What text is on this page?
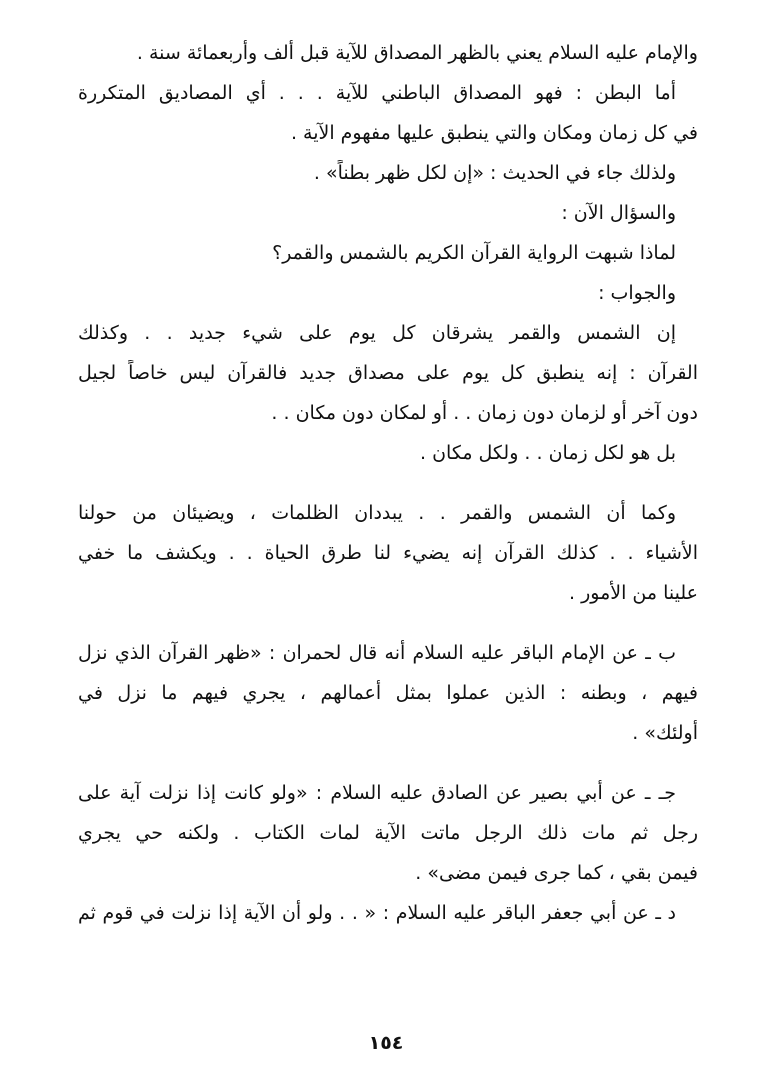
والإمام عليه السلام يعني بالظهر المصداق للآية قبل ألف وأربعمائة سنة .

أما البطن : فهو المصداق الباطني للآية . . . أي المصاديق المتكررة

في كل زمان ومكان والتي ينطبق عليها مفهوم الآية .

ولذلك جاء في الحديث : «إن لكل ظهر بطناً» .

والسؤال الآن :

لماذا شبهت الرواية القرآن الكريم بالشمس والقمر؟

والجواب :

إن الشمس والقمر يشرقان كل يوم على شيء جديد . . وكذلك

القرآن : إنه ينطبق كل يوم على مصداق جديد فالقرآن ليس خاصاً لجيل

دون آخر أو لزمان دون زمان . . أو لمكان دون مكان . .

بل هو لكل زمان . . ولكل مكان .

وكما أن الشمس والقمر . . يبددان الظلمات ، ويضيئان من حولنا

الأشياء . . كذلك القرآن إنه يضيء لنا طرق الحياة . . ويكشف ما خفي

علينا من الأمور .

ب ـ عن الإمام الباقر عليه السلام أنه قال لحمران : «ظهر القرآن الذي نزل

فيهم ، وبطنه : الذين عملوا بمثل أعمالهم ، يجري فيهم ما نزل في

أولئك» .

جـ ـ عن أبي بصير عن الصادق عليه السلام : «ولو كانت إذا نزلت آية على

رجل ثم مات ذلك الرجل ماتت الآية لمات الكتاب . ولكنه حي يجري

فيمن بقي ، كما جرى فيمن مضى» .

د ـ عن أبي جعفر الباقر عليه السلام : « . . ولو أن الآية إذا نزلت في قوم ثم

١٥٤
